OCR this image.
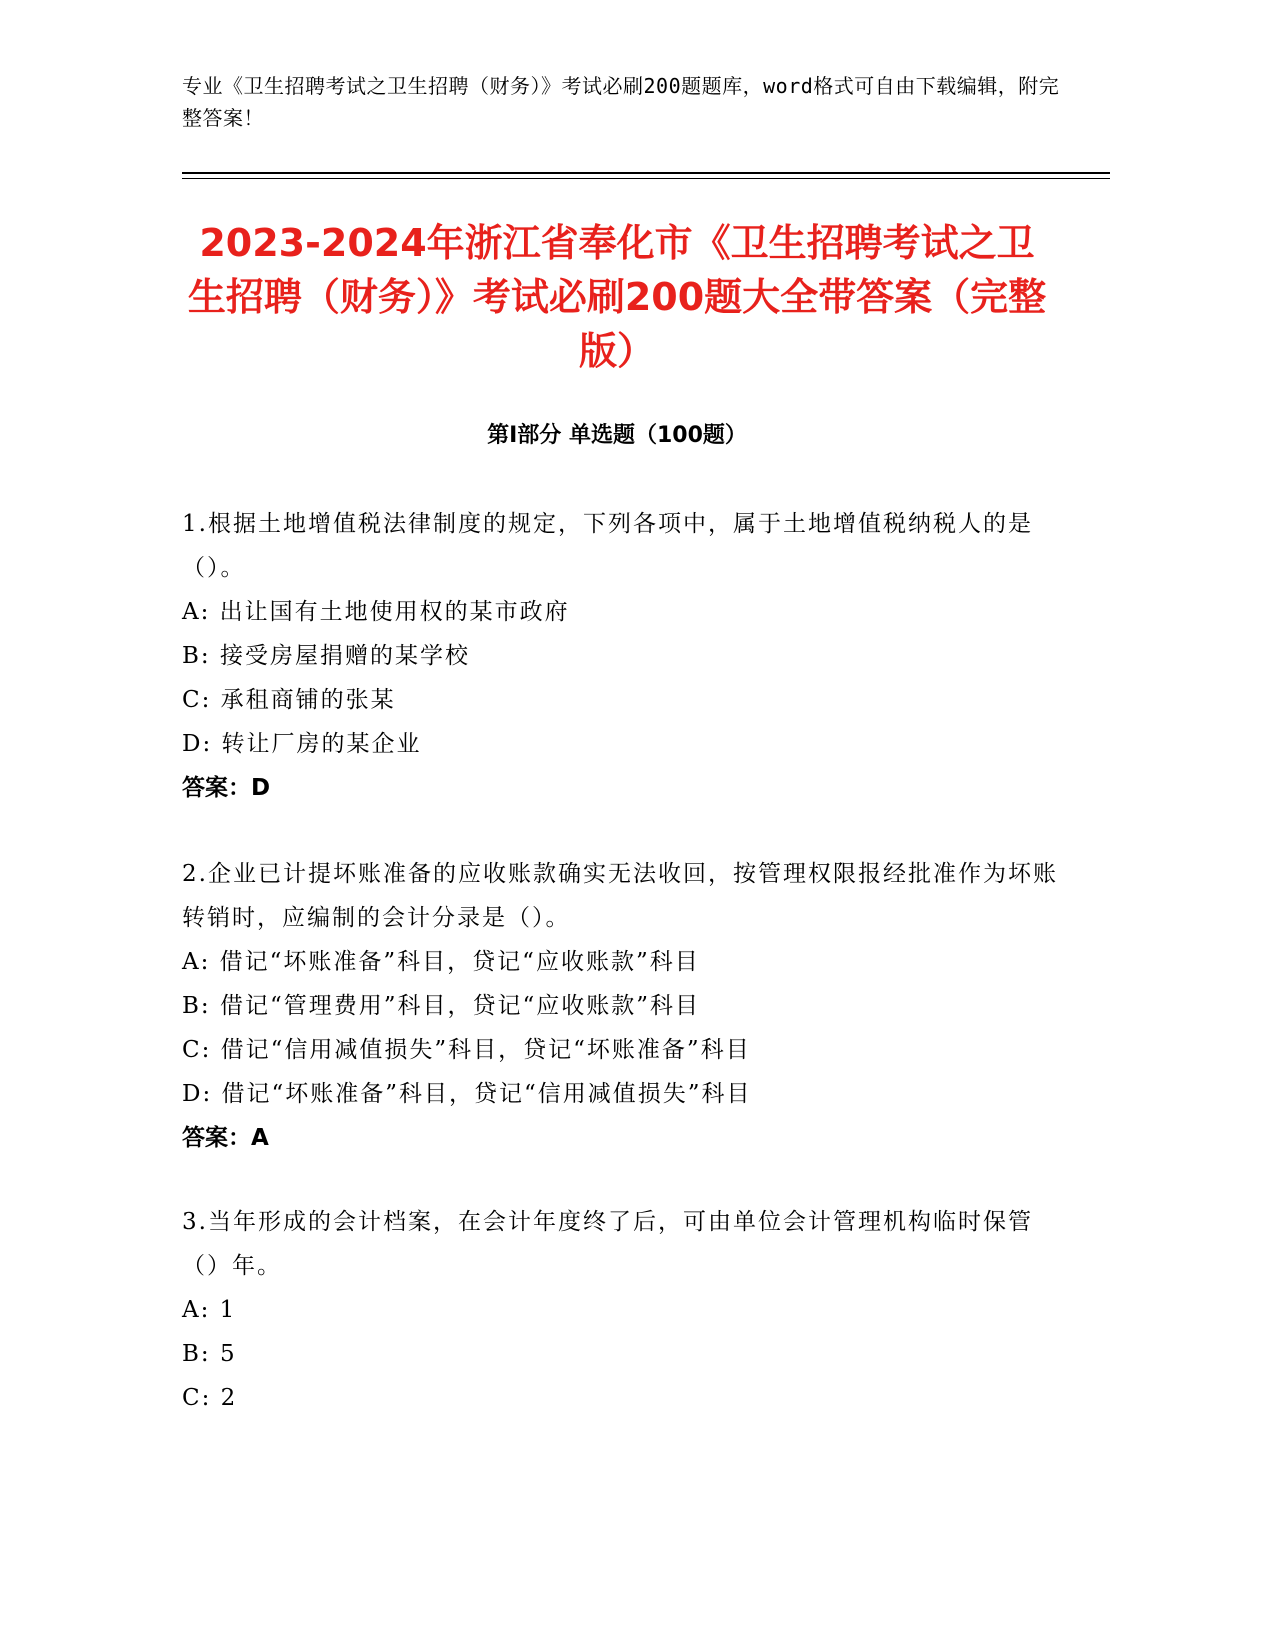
专业《卫生招聘考试之卫生招聘（财务）》考试必刷200题题库，word格式可自由下载编辑，附完整答案！
2023-2024年浙江省奉化市《卫生招聘考试之卫生招聘（财务）》考试必刷200题大全带答案（完整版）
第I部分 单选题（100题）
1.根据土地增值税法律制度的规定，下列各项中，属于土地增值税纳税人的是（）。
A: 出让国有土地使用权的某市政府
B: 接受房屋捐赠的某学校
C: 承租商铺的张某
D: 转让厂房的某企业
答案：D
2.企业已计提坏账准备的应收账款确实无法收回，按管理权限报经批准作为坏账转销时，应编制的会计分录是（）。
A: 借记“坏账准备”科目，贷记“应收账款”科目
B: 借记“管理费用”科目，贷记“应收账款”科目
C: 借记“信用减值损失”科目，贷记“坏账准备”科目
D: 借记“坏账准备”科目，贷记“信用减值损失”科目
答案：A
3.当年形成的会计档案，在会计年度终了后，可由单位会计管理机构临时保管（）年。
A: 1
B: 5
C: 2
